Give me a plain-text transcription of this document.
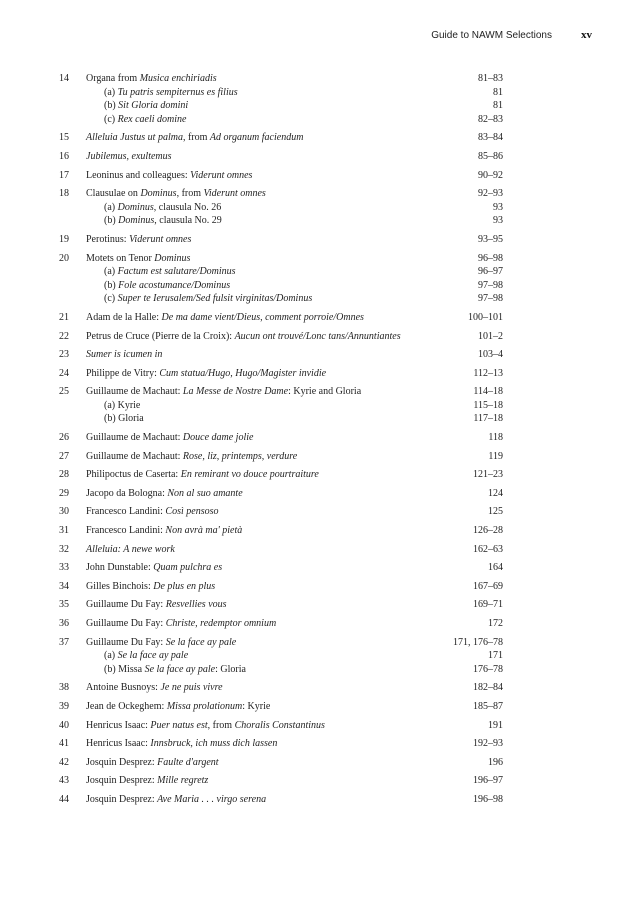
Guide to NAWM Selections	xv
14 Organa from Musica enchiriadis	81–83
(a) Tu patris sempiternus es filius	81
(b) Sit Gloria domini	81
(c) Rex caeli domine	82–83
15 Alleluia Justus ut palma, from Ad organum faciendum	83–84
16 Jubilemus, exultemus	85–86
17 Leoninus and colleagues: Viderunt omnes	90–92
18 Clausulae on Dominus, from Viderunt omnes	92–93
(a) Dominus, clausula No. 26	93
(b) Dominus, clausula No. 29	93
19 Perotinus: Viderunt omnes	93–95
20 Motets on Tenor Dominus	96–98
(a) Factum est salutare/Dominus	96–97
(b) Fole acostumance/Dominus	97–98
(c) Super te Ierusalem/Sed fulsit virginitas/Dominus	97–98
21 Adam de la Halle: De ma dame vient/Dieus, comment porroie/Omnes	100–101
22 Petrus de Cruce (Pierre de la Croix): Aucun ont trouvé/Lonc tans/Annuntiantes	101–2
23 Sumer is icumen in	103–4
24 Philippe de Vitry: Cum statua/Hugo, Hugo/Magister invidie	112–13
25 Guillaume de Machaut: La Messe de Nostre Dame: Kyrie and Gloria	114–18
(a) Kyrie	115–18
(b) Gloria	117–18
26 Guillaume de Machaut: Douce dame jolie	118
27 Guillaume de Machaut: Rose, liz, printemps, verdure	119
28 Philipoctus de Caserta: En remirant vo douce pourtraiture	121–23
29 Jacopo da Bologna: Non al suo amante	124
30 Francesco Landini: Così pensoso	125
31 Francesco Landini: Non avrà ma' pietà	126–28
32 Alleluia: A newe work	162–63
33 John Dunstable: Quam pulchra es	164
34 Gilles Binchois: De plus en plus	167–69
35 Guillaume Du Fay: Resvellies vous	169–71
36 Guillaume Du Fay: Christe, redemptor omnium	172
37 Guillaume Du Fay: Se la face ay pale	171, 176–78
(a) Se la face ay pale	171
(b) Missa Se la face ay pale: Gloria	176–78
38 Antoine Busnoys: Je ne puis vivre	182–84
39 Jean de Ockeghem: Missa prolationum: Kyrie	185–87
40 Henricus Isaac: Puer natus est, from Choralis Constantinus	191
41 Henricus Isaac: Innsbruck, ich muss dich lassen	192–93
42 Josquin Desprez: Faulte d'argent	196
43 Josquin Desprez: Mille regretz	196–97
44 Josquin Desprez: Ave Maria . . . virgo serena	196–98
